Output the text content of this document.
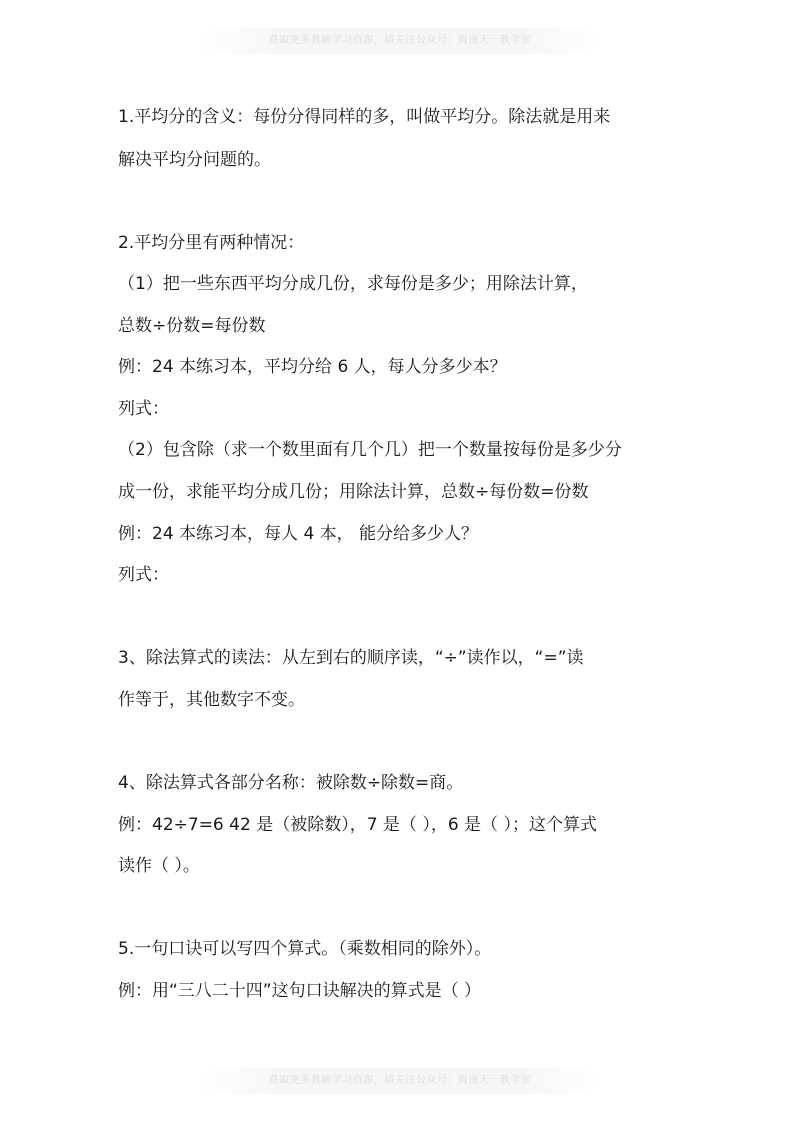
获取更多教辅学习资源，请关注公众号：海南天一教学堂
1.平均分的含义：每份分得同样的多，叫做平均分。除法就是用来
解决平均分问题的。
2.平均分里有两种情况：
（1）把一些东西平均分成几份，求每份是多少；用除法计算，
总数÷份数=每份数
例：24 本练习本，平均分给 6 人，每人分多少本？
列式：
（2）包含除（求一个数里面有几个几）把一个数量按每份是多少分
成一份，求能平均分成几份；用除法计算，总数÷每份数=份数
例：24 本练习本，每人 4 本， 能分给多少人？
列式：
3、除法算式的读法：从左到右的顺序读，“÷”读作以，“=”读
作等于，其他数字不变。
4、除法算式各部分名称：被除数÷除数=商。
例：42÷7=6 42 是（被除数），7 是（ ），6 是（ ）；这个算式
读作（ ）。
5.一句口诀可以写四个算式。（乘数相同的除外）。
例：用“三八二十四”这句口诀解决的算式是（ ）
获取更多教辅学习资源，请关注公众号：海南天一教学堂
